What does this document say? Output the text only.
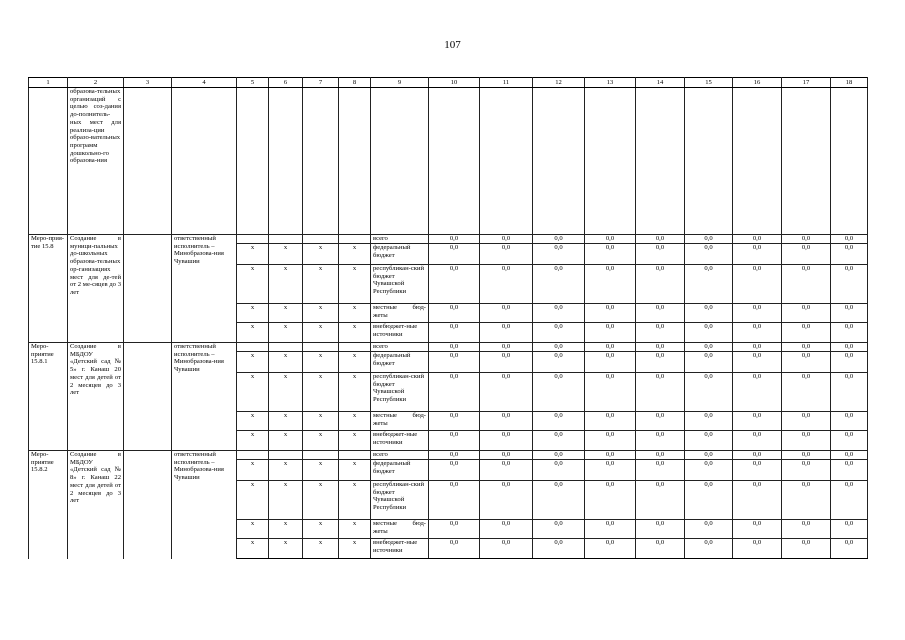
107
1	2	3	4	5	6	7	8	9	10	11	12	13	14	15	16	17	18
	образова-тельных организаций с целью соз-дания до-полнитель-ных мест для реализа-ции образо-вательных программ дошкольно-го образова-ния																
Меро-прия-тие 15.8	Создание в муници-пальных до-школьных образова-тельных ор-ганизациях мест для де-тей от 2 ме-сяцев до 3 лет		ответственный исполнитель – Минобразова-ния Чувашии					всего	0,0	0,0	0,0	0,0	0,0	0,0	0,0	0,0	0,0
				x	x	x	x	федеральный бюджет	0,0	0,0	0,0	0,0	0,0	0,0	0,0	0,0	0,0
				x	x	x	x	республикан-ский бюджет Чувашской Республики	0,0	0,0	0,0	0,0	0,0	0,0	0,0	0,0	0,0
				x	x	x	x	местные бюд-жеты	0,0	0,0	0,0	0,0	0,0	0,0	0,0	0,0	0,0
				x	x	x	x	внебюджет-ные источники	0,0	0,0	0,0	0,0	0,0	0,0	0,0	0,0	0,0
Меро-приятие 15.8.1	Создание в МБДОУ «Детский сад № 5» г. Канаш 20 мест для детей от 2 месяцев до 3 лет		ответственный исполнитель – Минобразова-ния Чувашии					всего	0,0	0,0	0,0	0,0	0,0	0,0	0,0	0,0	0,0
				x	x	x	x	федеральный бюджет	0,0	0,0	0,0	0,0	0,0	0,0	0,0	0,0	0,0
				x	x	x	x	республикан-ский бюджет Чувашской Республики	0,0	0,0	0,0	0,0	0,0	0,0	0,0	0,0	0,0
				x	x	x	x	местные бюд-жеты	0,0	0,0	0,0	0,0	0,0	0,0	0,0	0,0	0,0
				x	x	x	x	внебюджет-ные источники	0,0	0,0	0,0	0,0	0,0	0,0	0,0	0,0	0,0
Меро-приятие 15.8.2	Создание в МБДОУ «Детский сад № 8» г. Канаш 22 мест для детей от 2 месяцев до 3 лет		ответственный исполнитель – Минобразова-ния Чувашии					всего	0,0	0,0	0,0	0,0	0,0	0,0	0,0	0,0	0,0
				x	x	x	x	федеральный бюджет	0,0	0,0	0,0	0,0	0,0	0,0	0,0	0,0	0,0
				x	x	x	x	республикан-ский бюджет Чувашской Республики	0,0	0,0	0,0	0,0	0,0	0,0	0,0	0,0	0,0
				x	x	x	x	местные бюд-жеты	0,0	0,0	0,0	0,0	0,0	0,0	0,0	0,0	0,0
				x	x	x	x	внебюджет-ные источники	0,0	0,0	0,0	0,0	0,0	0,0	0,0	0,0	0,0
